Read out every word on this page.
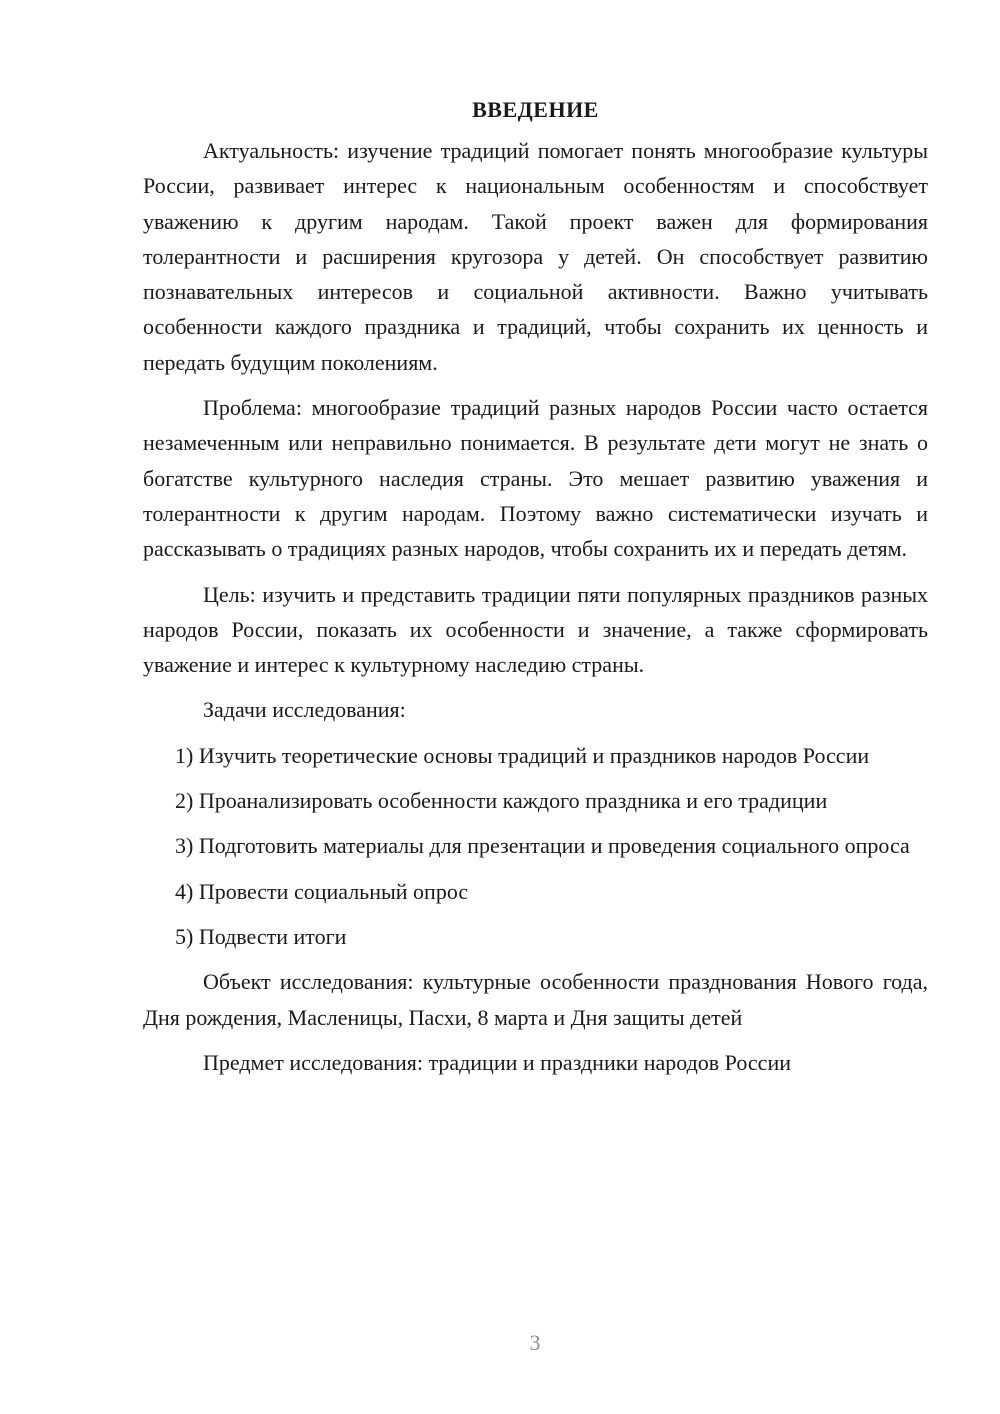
ВВЕДЕНИЕ

Актуальность: изучение традиций помогает понять многообразие культуры России, развивает интерес к национальным особенностям и способствует уважению к другим народам. Такой проект важен для формирования толерантности и расширения кругозора у детей. Он способствует развитию познавательных интересов и социальной активности. Важно учитывать особенности каждого праздника и традиций, чтобы сохранить их ценность и передать будущим поколениям.

Проблема: многообразие традиций разных народов России часто остается незамеченным или неправильно понимается. В результате дети могут не знать о богатстве культурного наследия страны. Это мешает развитию уважения и толерантности к другим народам. Поэтому важно систематически изучать и рассказывать о традициях разных народов, чтобы сохранить их и передать детям.

Цель: изучить и представить традиции пяти популярных праздников разных народов России, показать их особенности и значение, а также сформировать уважение и интерес к культурному наследию страны.

Задачи исследования:

1) Изучить теоретические основы традиций и праздников народов России

2) Проанализировать особенности каждого праздника и его традиции

3) Подготовить материалы для презентации и проведения социального опроса

4) Провести социальный опрос

5) Подвести итоги

Объект исследования: культурные особенности празднования Нового года, Дня рождения, Масленицы, Пасхи, 8 марта и Дня защиты детей

Предмет исследования: традиции и праздники народов России

3
